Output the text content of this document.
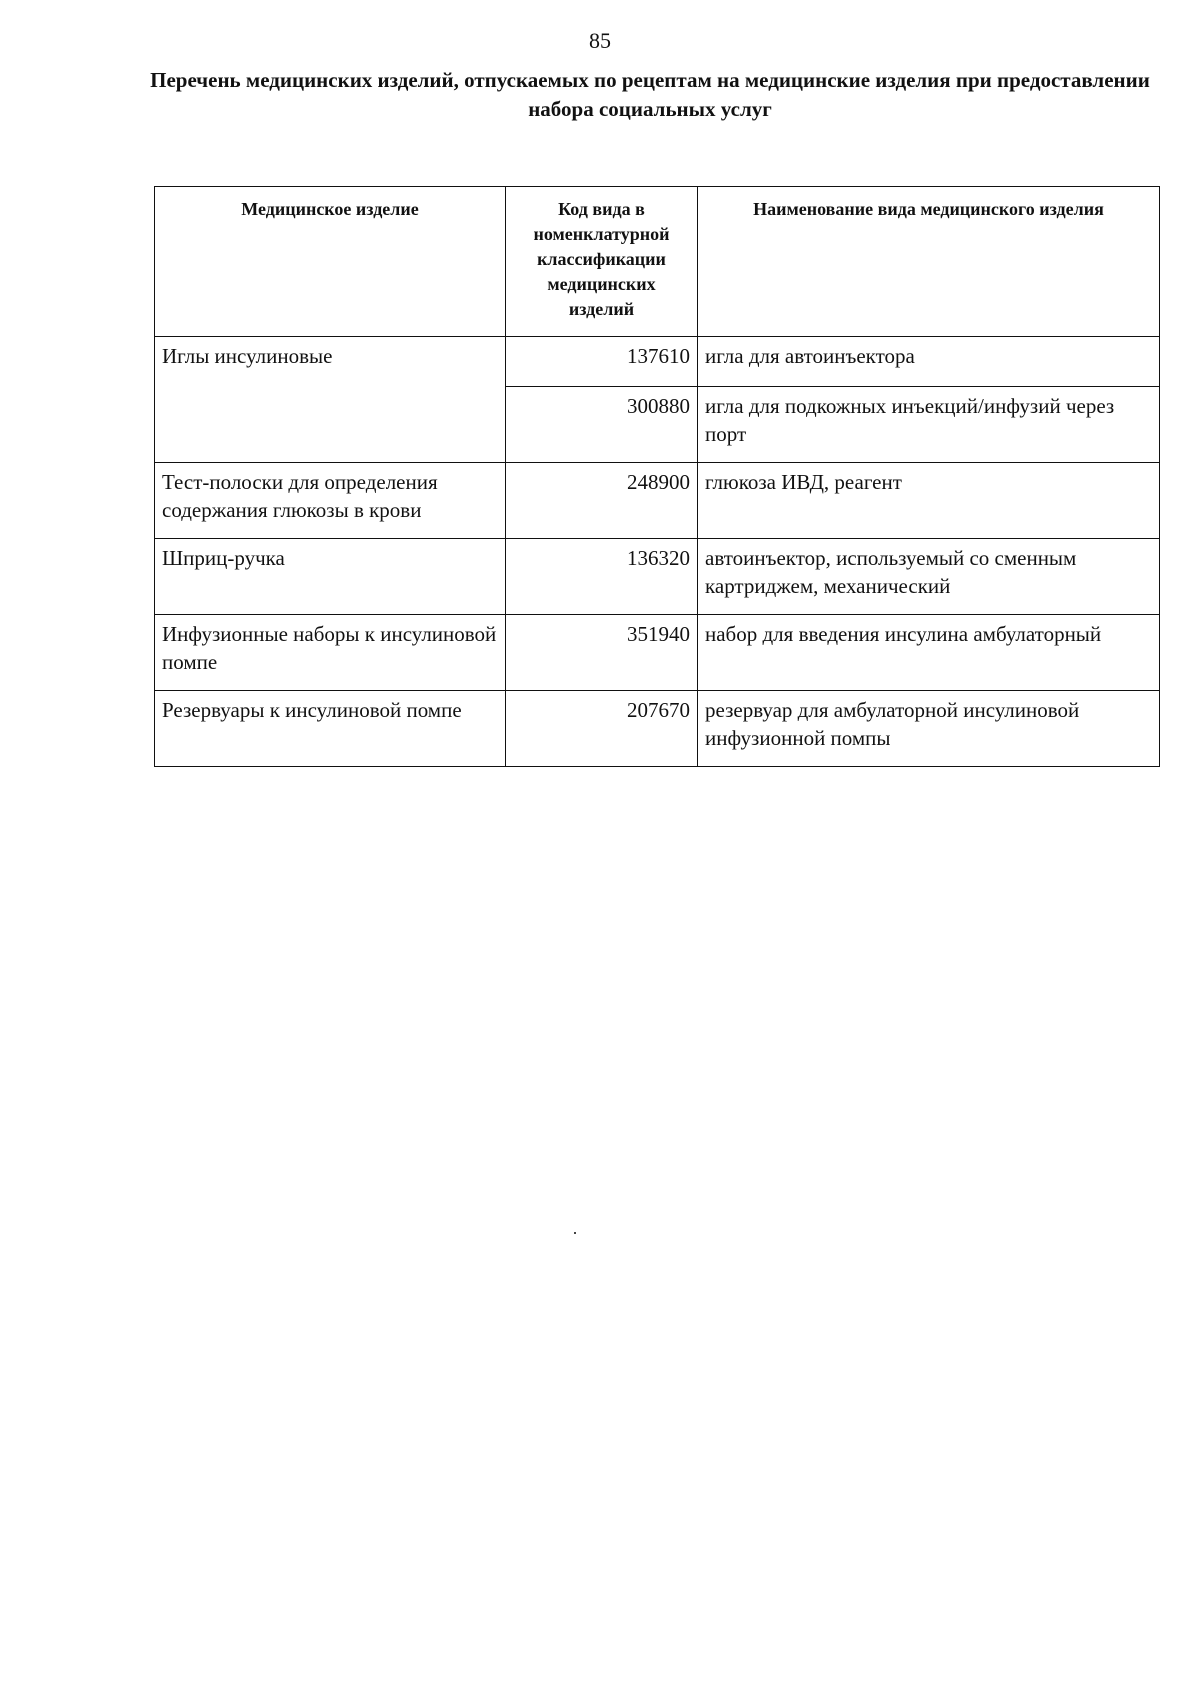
85
Перечень медицинских изделий, отпускаемых по рецептам на медицинские изделия при предоставлении набора социальных услуг
Медицинское изделие	Код вида в номенклатурной классификации медицинских изделий	Наименование вида медицинского изделия
Иглы инсулиновые	137610	игла для автоинъектора
	300880	игла для подкожных инъекций/инфузий через порт
Тест-полоски для определения содержания глюкозы в крови	248900	глюкоза ИВД, реагент
Шприц-ручка	136320	автоинъектор, используемый со сменным картриджем, механический
Инфузионные наборы к инсулиновой помпе	351940	набор для введения инсулина амбулаторный
Резервуары к инсулиновой помпе	207670	резервуар для амбулаторной инсулиновой инфузионной помпы
